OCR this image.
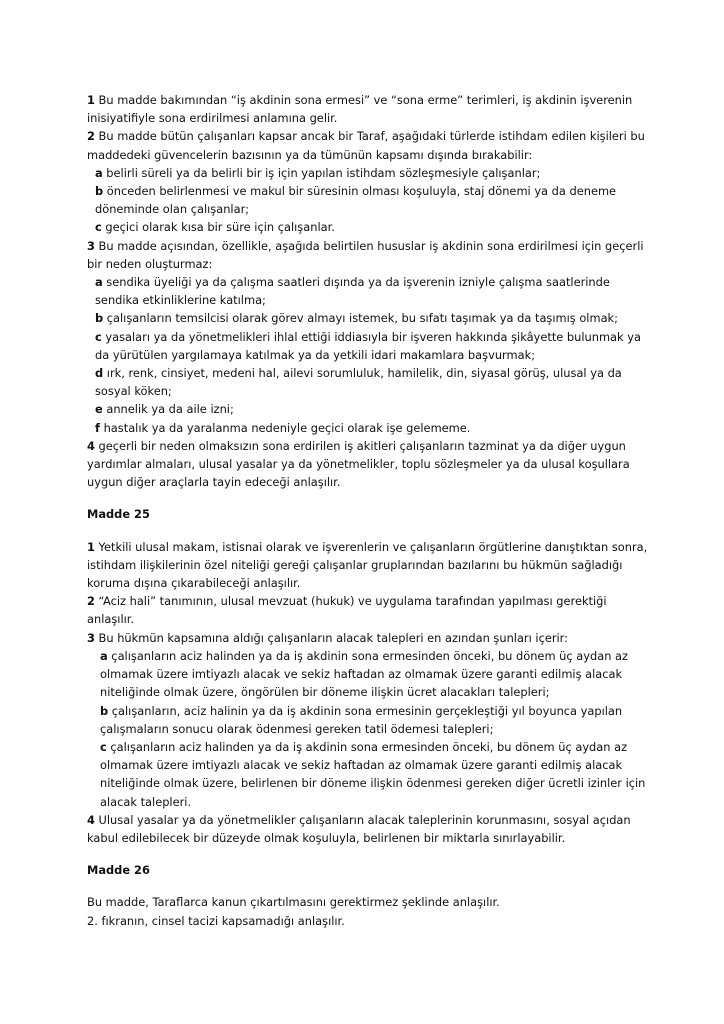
1 Bu madde bakımından “iş akdinin sona ermesi” ve “sona erme” terimleri, iş akdinin işverenin inisiyatifiyle sona erdirilmesi anlamına gelir.

2 Bu madde bütün çalışanları kapsar ancak bir Taraf, aşağıdaki türlerde istihdam edilen kişileri bu maddedeki güvencelerin bazısının ya da tümünün kapsamı dışında bırakabilir:

a belirli süreli ya da belirli bir iş için yapılan istihdam sözleşmesiyle çalışanlar;

b önceden belirlenmesi ve makul bir süresinin olması koşuluyla, staj dönemi ya da deneme döneminde olan çalışanlar;

c geçici olarak kısa bir süre için çalışanlar.

3 Bu madde açısından, özellikle, aşağıda belirtilen hususlar iş akdinin sona erdirilmesi için geçerli bir neden oluşturmaz:

a sendika üyeliği ya da çalışma saatleri dışında ya da işverenin izniyle çalışma saatlerinde sendika etkinliklerine katılma;

b çalışanların temsilcisi olarak görev almayı istemek, bu sıfatı taşımak ya da taşımış olmak;

c yasaları ya da yönetmelikleri ihlal ettiği iddiasıyla bir işveren hakkında şikâyette bulunmak ya da yürütülen yargılamaya katılmak ya da yetkili idari makamlara başvurmak;

d ırk, renk, cinsiyet, medeni hal, ailevi sorumluluk, hamilelik, din, siyasal görüş, ulusal ya da sosyal köken;

e annelik ya da aile izni;

f hastalık ya da yaralanma nedeniyle geçici olarak işe gelememe.

4 geçerli bir neden olmaksızın sona erdirilen iş akitleri çalışanların tazminat ya da diğer uygun yardımlar almaları, ulusal yasalar ya da yönetmelikler, toplu sözleşmeler ya da ulusal koşullara uygun diğer araçlarla tayin edeceği anlaşılır.

Madde 25

1 Yetkili ulusal makam, istisnai olarak ve işverenlerin ve çalışanların örgütlerine danıştıktan sonra, istihdam ilişkilerinin özel niteliği gereği çalışanlar gruplarından bazılarını bu hükmün sağladığı koruma dışına çıkarabileceği anlaşılır.

2 “Aciz hali” tanımının, ulusal mevzuat (hukuk) ve uygulama tarafından yapılması gerektiği anlaşılır.

3 Bu hükmün kapsamına aldığı çalışanların alacak talepleri en azından şunları içerir:

a çalışanların aciz halinden ya da iş akdinin sona ermesinden önceki, bu dönem üç aydan az olmamak üzere imtiyazlı alacak ve sekiz haftadan az olmamak üzere garanti edilmiş alacak niteliğinde olmak üzere, öngörülen bir döneme ilişkin ücret alacakları talepleri;

b çalışanların, aciz halinin ya da iş akdinin sona ermesinin gerçekleştiği yıl boyunca yapılan çalışmaların sonucu olarak ödenmesi gereken tatil ödemesi talepleri;

c çalışanların aciz halinden ya da iş akdinin sona ermesinden önceki, bu dönem üç aydan az olmamak üzere imtiyazlı alacak ve sekiz haftadan az olmamak üzere garanti edilmiş alacak niteliğinde olmak üzere, belirlenen bir döneme ilişkin ödenmesi gereken diğer ücretli izinler için alacak talepleri.

4 Ulusal yasalar ya da yönetmelikler çalışanların alacak taleplerinin korunmasını, sosyal açıdan kabul edilebilecek bir düzeyde olmak koşuluyla, belirlenen bir miktarla sınırlayabilir.

Madde 26

Bu madde, Taraflarca kanun çıkartılmasını gerektirmez şeklinde anlaşılır.

2. fıkranın, cinsel tacizi kapsamadığı anlaşılır.
